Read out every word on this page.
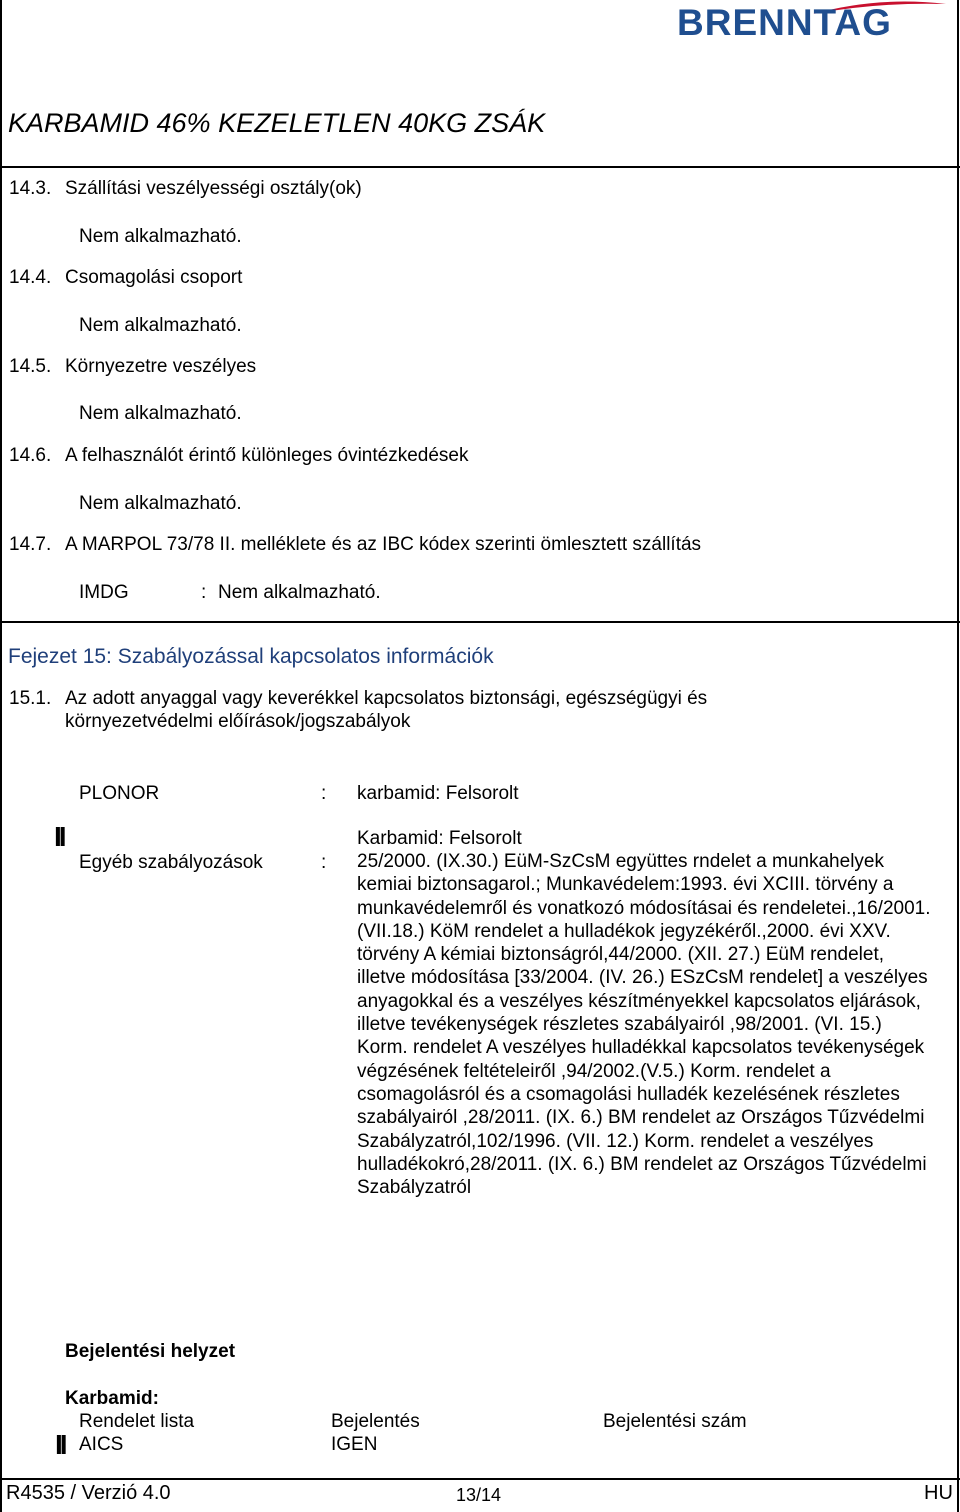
BRENNTAG
KARBAMID 46% KEZELETLEN 40KG ZSÁK
14.3. Szállítási veszélyességi osztály(ok)
Nem alkalmazható.
14.4. Csomagolási csoport
Nem alkalmazható.
14.5. Környezetre veszélyes
Nem alkalmazható.
14.6. A felhasználót érintő különleges óvintézkedések
Nem alkalmazható.
14.7. A MARPOL 73/78 II. melléklete és az IBC kódex szerinti ömlesztett szállítás
IMDG	: Nem alkalmazható.
Fejezet 15: Szabályozással kapcsolatos információk
15.1. Az adott anyaggal vagy keverékkel kapcsolatos biztonsági, egészségügyi és
környezetvédelmi előírások/jogszabályok
PLONOR	: karbamid: Felsorolt
II	Karbamid: Felsorolt
Egyéb szabályozások	: 25/2000. (IX.30.) EüM-SzCsM együttes rndelet a munkahelyek kemiai biztonsagarol.; Munkavédelem:1993. évi XCIII. törvény a munkavédelemről és vonatkozó módosításai és rendeletei.,16/2001.(VII.18.) KöM rendelet a hulladékok jegyzékéről.,2000. évi XXV. törvény A kémiai biztonságról,44/2000. (XII. 27.) EüM rendelet, illetve módosítása [33/2004. (IV. 26.) ESzCsM rendelet] a veszélyes anyagokkal és a veszélyes készítményekkel kapcsolatos eljárások, illetve tevékenységek részletes szabályairól ,98/2001. (VI. 15.) Korm. rendelet A veszélyes hulladékkal kapcsolatos tevékenységek végzésének feltételeiről ,94/2002.(V.5.) Korm. rendelet a csomagolásról és a csomagolási hulladék kezelésének részletes szabályairól ,28/2011. (IX. 6.) BM rendelet az Országos Tűzvédelmi Szabályzatról,102/1996. (VII. 12.) Korm. rendelet a veszélyes hulladékokró,28/2011. (IX. 6.) BM rendelet az Országos Tűzvédelmi Szabályzatról
Bejelentési helyzet
Karbamid:
Rendelet lista	Bejelentés	Bejelentési szám
II AICS	IGEN
R4535 / Verzió 4.0	13/14	HU
